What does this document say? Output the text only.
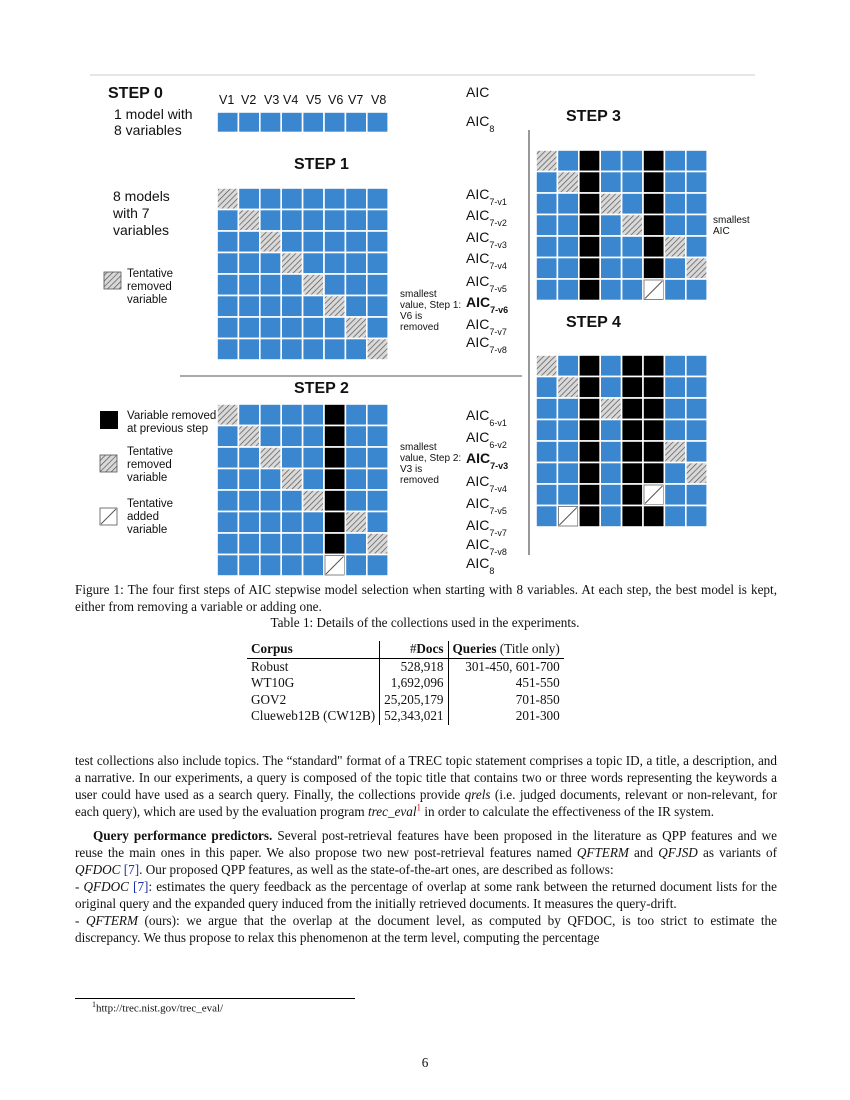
STEP 0
1 model with
8 variables
V1 V2 V3 V4 V5 V6 V7 V8	AIC
$AIC_8$
STEP 1
8 models
with 7
variables
Tentative
removed
variable
$AIC_{7-v1}$
$AIC_{7-v2}$
$AIC_{7-v3}$
$AIC_{7-v4}$
$AIC_{7-v5}$
$AIC_{7-v6}$
$AIC_{7-v7}$
$AIC_{7-v8}$
smallest
value, Step 1:
V6 is
removed
STEP 2
Variable removed
at previous step
Tentative
removed
variable
Tentative
added
variable
$AIC_{6-v1}$
$AIC_{6-v2}$
$AIC_{7-v3}$
$AIC_{7-v4}$
$AIC_{7-v5}$
$AIC_{7-v7}$
$AIC_{7-v8}$
$AIC_8$
smallest
value, Step 2:
V3 is
removed
STEP 3
smallest
AIC
STEP 4
Figure 1: The four first steps of AIC stepwise model selection when starting with 8 variables. At each step, the best model is kept, either from removing a variable or adding one.
Table 1: Details of the collections used in the experiments.
Corpus	#Docs	Queries (Title only)
Robust	528,918	301-450, 601-700
WT10G	1,692,096	451-550
GOV2	25,205,179	701-850
Clueweb12B (CW12B)	52,343,021	201-300

test collections also include topics. The “standard" format of a TREC topic statement comprises a topic ID, a title, a description, and a narrative. In our experiments, a query is composed of the topic title that contains two or three words representing the keywords a user could have used as a search query. Finally, the collections provide qrels (i.e. judged documents, relevant or non-relevant, for each query), which are used by the evaluation program trec_eval$^1$ in order to calculate the effectiveness of the IR system.

Query performance predictors. Several post-retrieval features have been proposed in the literature as QPP features and we reuse the main ones in this paper. We also propose two new post-retrieval features named QFTERM and QFJSD as variants of QFDOC [7]. Our proposed QPP features, as well as the state-of-the-art ones, are described as follows:

- QFDOC [7]: estimates the query feedback as the percentage of overlap at some rank between the returned document lists for the original query and the expanded query induced from the initially retrieved documents. It measures the query-drift.

- QFTERM (ours): we argue that the overlap at the document level, as computed by QFDOC, is too strict to estimate the discrepancy. We thus propose to relax this phenomenon at the term level, computing the percentage

$^1$http://trec.nist.gov/trec_eval/
6
